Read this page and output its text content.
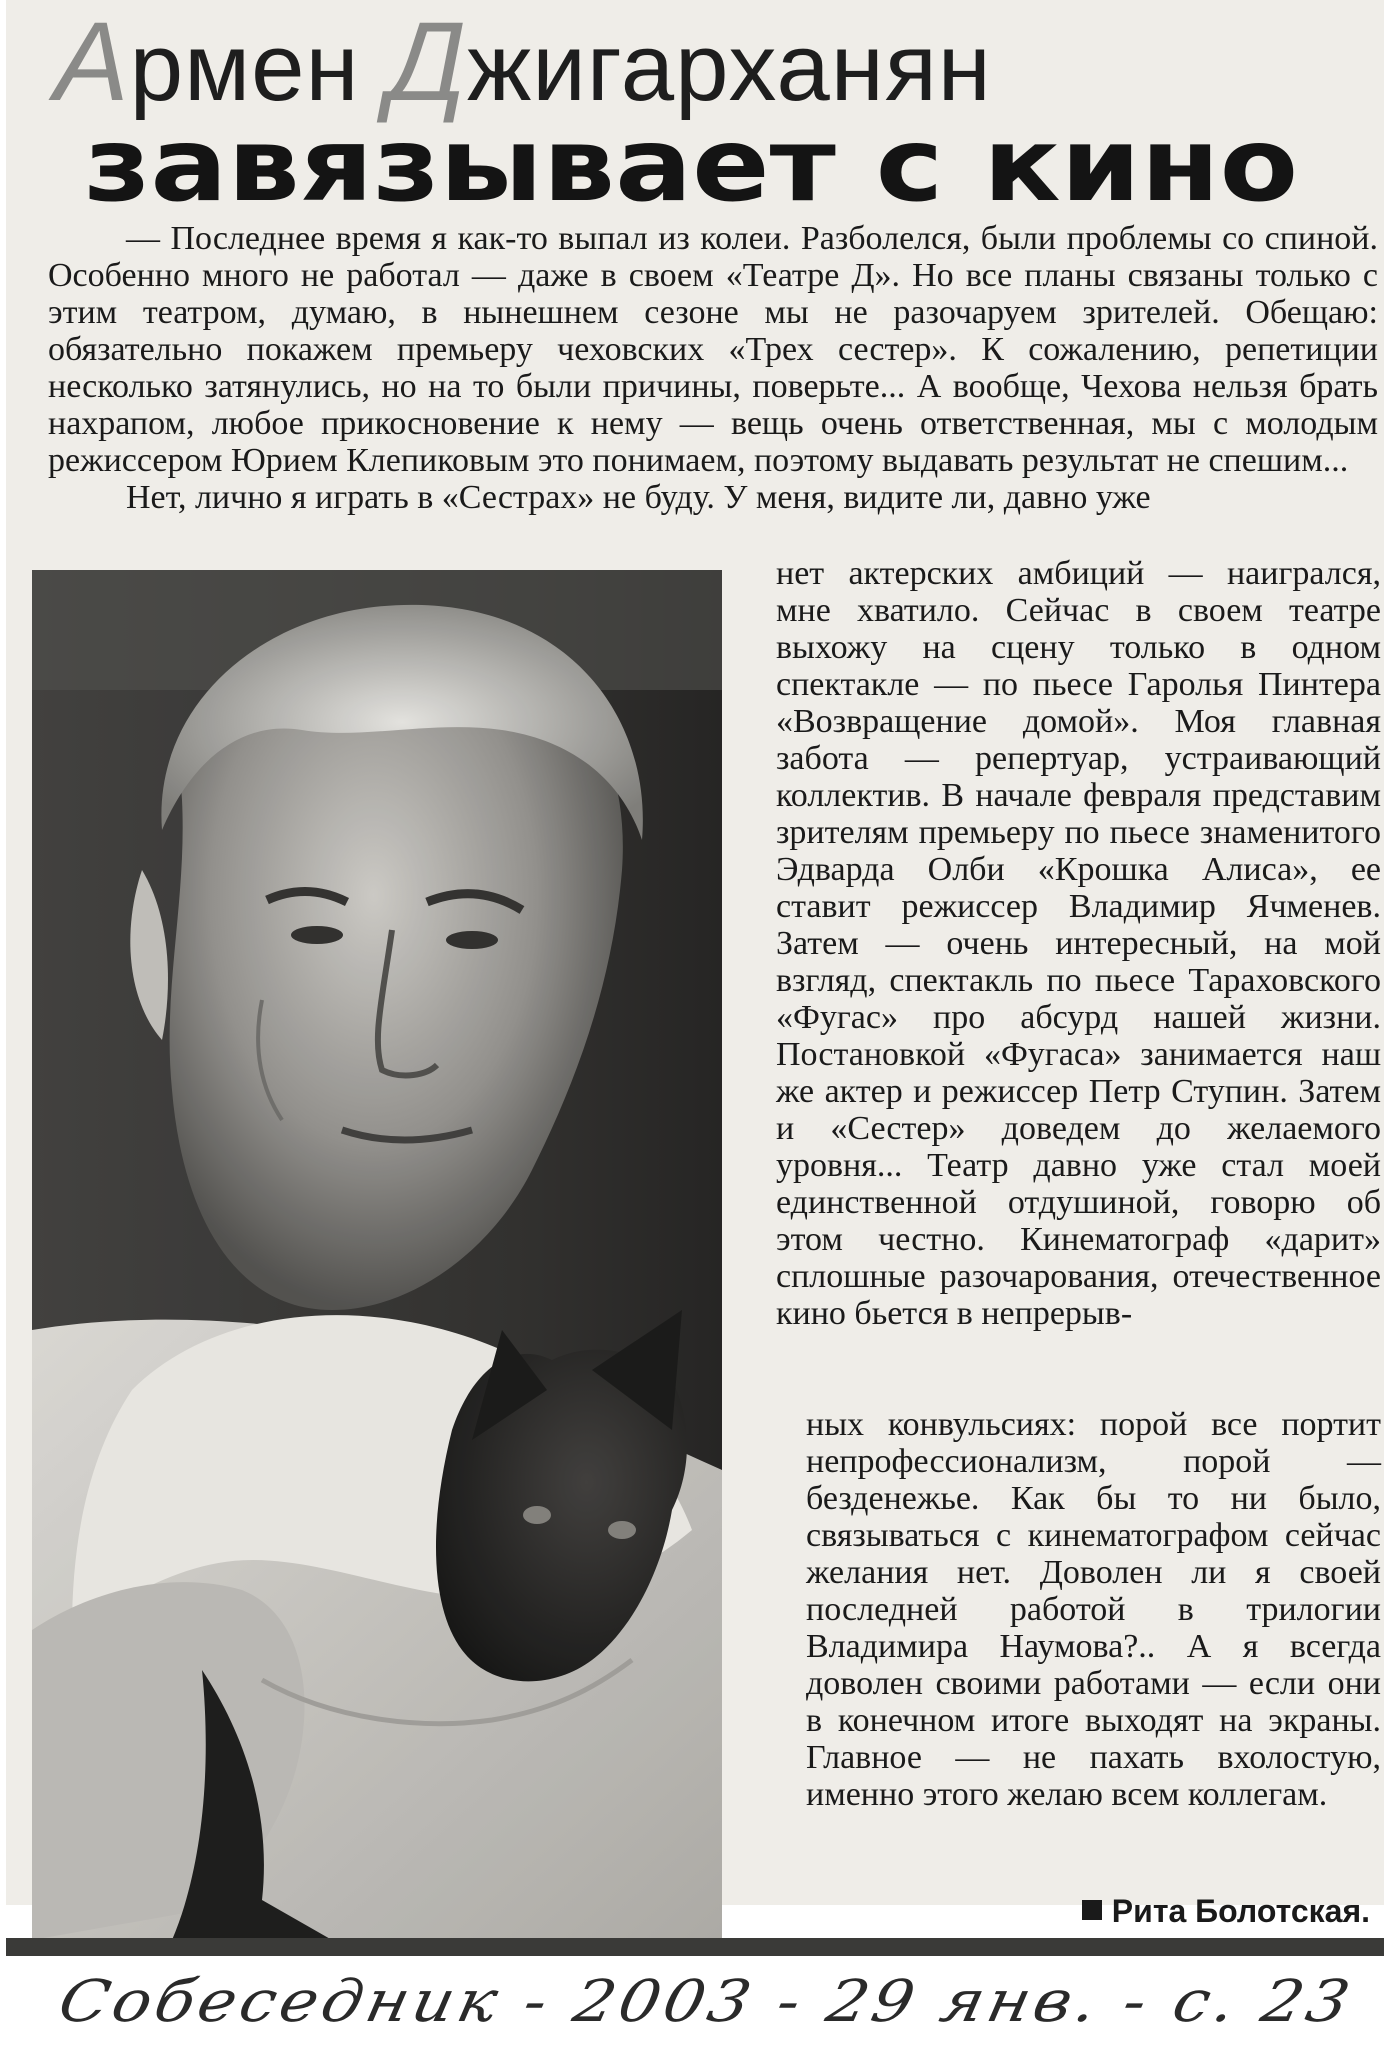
Армен Джигарханян
завязывает с кино

— Последнее время я как-то выпал из колеи. Разболелся, были проблемы со спиной. Особенно много не работал — даже в своем «Театре Д». Но все планы связаны только с этим театром, думаю, в нынешнем сезоне мы не разочаруем зрителей. Обещаю: обязательно покажем премьеру чеховских «Трех сестер». К сожалению, репетиции несколько затянулись, но на то были причины, поверьте... А вообще, Чехова нельзя брать нахрапом, любое прикосновение к нему — вещь очень ответственная, мы с молодым режиссером Юрием Клепиковым это понимаем, поэтому выдавать результат не спешим...

Нет, лично я играть в «Сестрах» не буду. У меня, видите ли, давно уже

нет актерских амбиций — наигрался, мне хватило. Сейчас в своем театре выхожу на сцену только в одном спектакле — по пьесе Гаролья Пинтера «Возвращение домой». Моя главная забота — репертуар, устраивающий коллектив. В начале февраля представим зрителям премьеру по пьесе знаменитого Эдварда Олби «Крошка Алиса», ее ставит режиссер Владимир Ячменев. Затем — очень интересный, на мой взгляд, спектакль по пьесе Тараховского «Фугас» про абсурд нашей жизни. Постановкой «Фугаса» занимается наш же актер и режиссер Петр Ступин. Затем и «Сестер» доведем до желаемого уровня... Театр давно уже стал моей единственной отдушиной, говорю об этом честно. Кинематограф «дарит» сплошные разочарования, отечественное кино бьется в непрерыв-

ных конвульсиях: порой все портит непрофессионализм, порой — безденежье. Как бы то ни было, связываться с кинематографом сейчас желания нет. Доволен ли я своей последней работой в трилогии Владимира Наумова?.. А я всегда доволен своими работами — если они в конечном итоге выходят на экраны. Главное — не пахать вхолостую, именно этого желаю всем коллегам.

Рита Болотская.
Собеседник - 2003 - 29 янв. - с. 23
